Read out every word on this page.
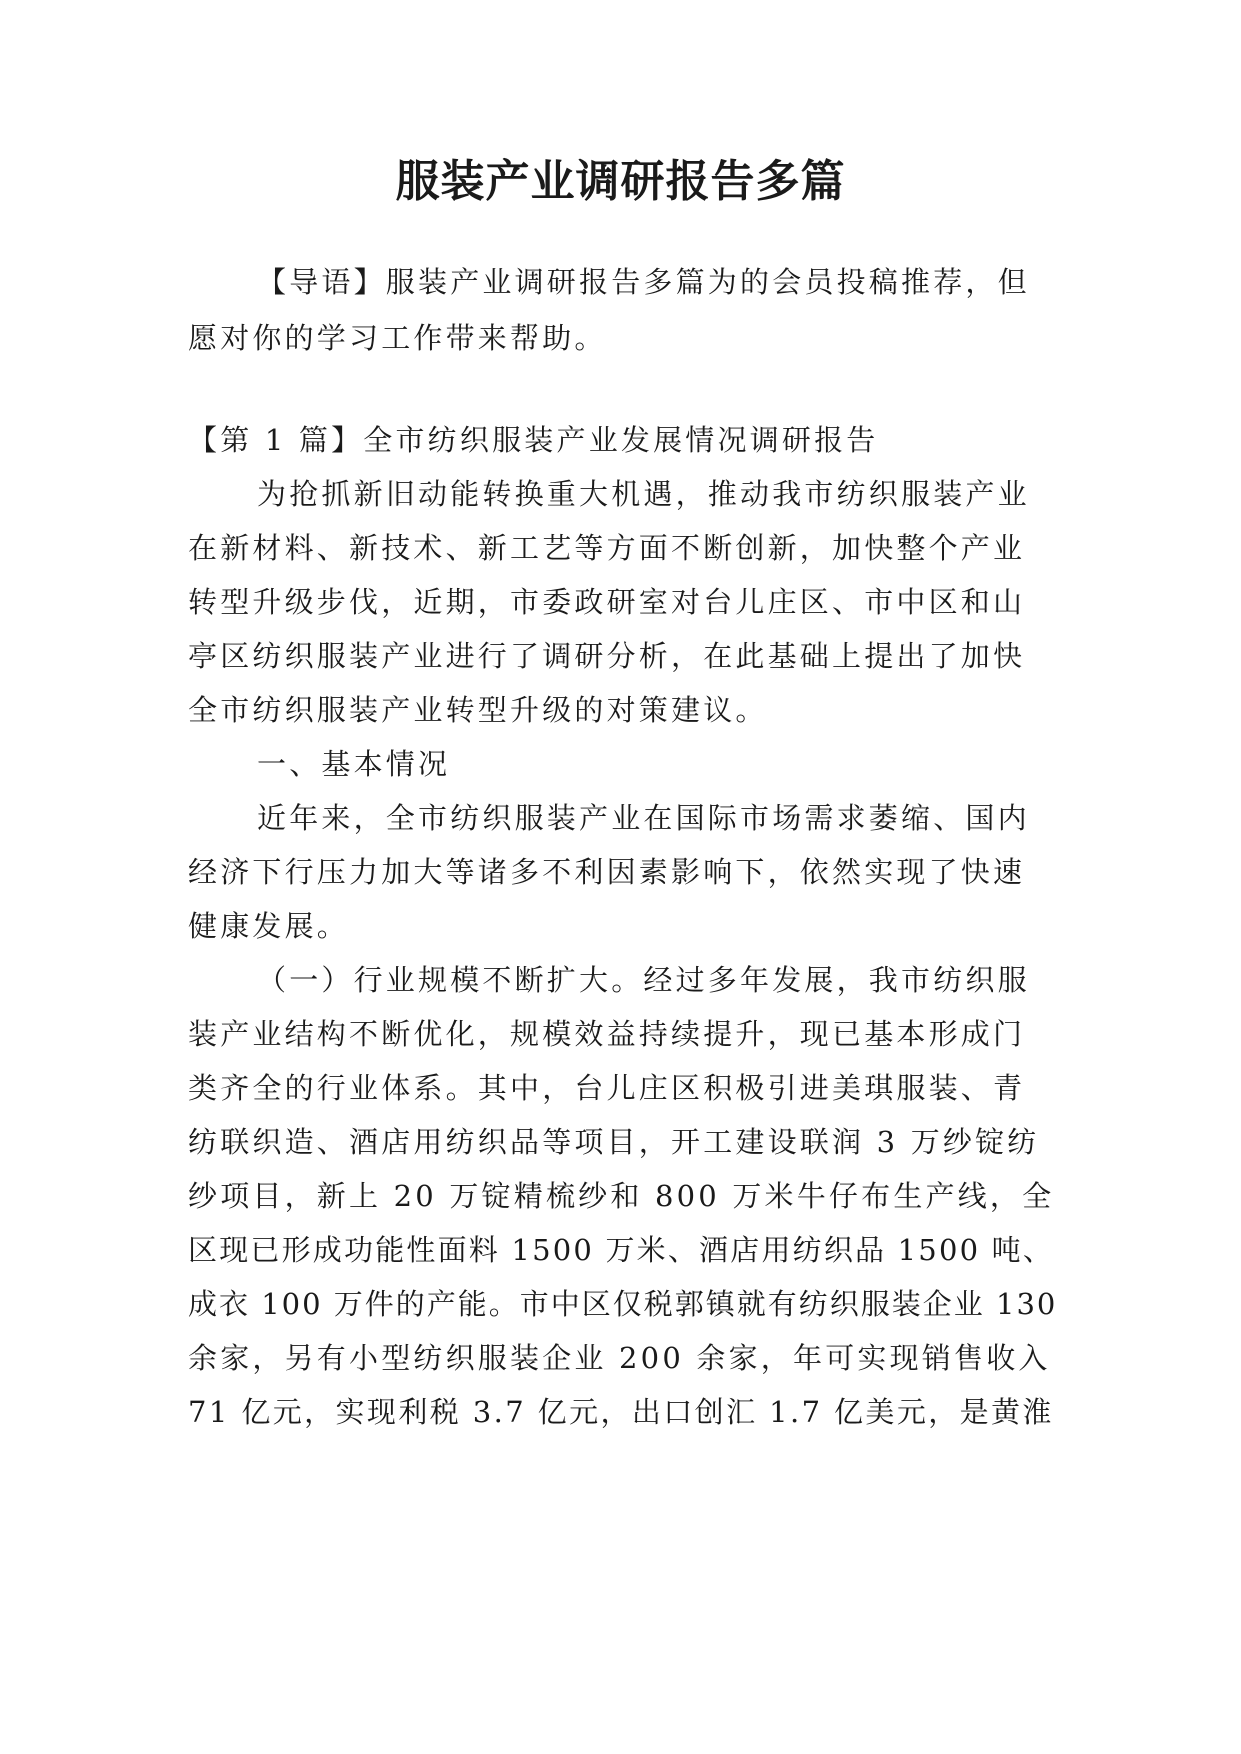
服装产业调研报告多篇
【导语】服装产业调研报告多篇为的会员投稿推荐，但
愿对你的学习工作带来帮助。
【第 1 篇】全市纺织服装产业发展情况调研报告
为抢抓新旧动能转换重大机遇，推动我市纺织服装产业
在新材料、新技术、新工艺等方面不断创新，加快整个产业
转型升级步伐，近期，市委政研室对台儿庄区、市中区和山
亭区纺织服装产业进行了调研分析，在此基础上提出了加快
全市纺织服装产业转型升级的对策建议。
一、基本情况
近年来，全市纺织服装产业在国际市场需求萎缩、国内
经济下行压力加大等诸多不利因素影响下，依然实现了快速
健康发展。
（一）行业规模不断扩大。经过多年发展，我市纺织服
装产业结构不断优化，规模效益持续提升，现已基本形成门
类齐全的行业体系。其中，台儿庄区积极引进美琪服装、青
纺联织造、酒店用纺织品等项目，开工建设联润 3 万纱锭纺
纱项目，新上 20 万锭精梳纱和 800 万米牛仔布生产线，全
区现已形成功能性面料 1500 万米、酒店用纺织品 1500 吨、
成衣 100 万件的产能。市中区仅税郭镇就有纺织服装企业 130
余家，另有小型纺织服装企业 200 余家，年可实现销售收入
71 亿元，实现利税 3.7 亿元，出口创汇 1.7 亿美元，是黄淮
